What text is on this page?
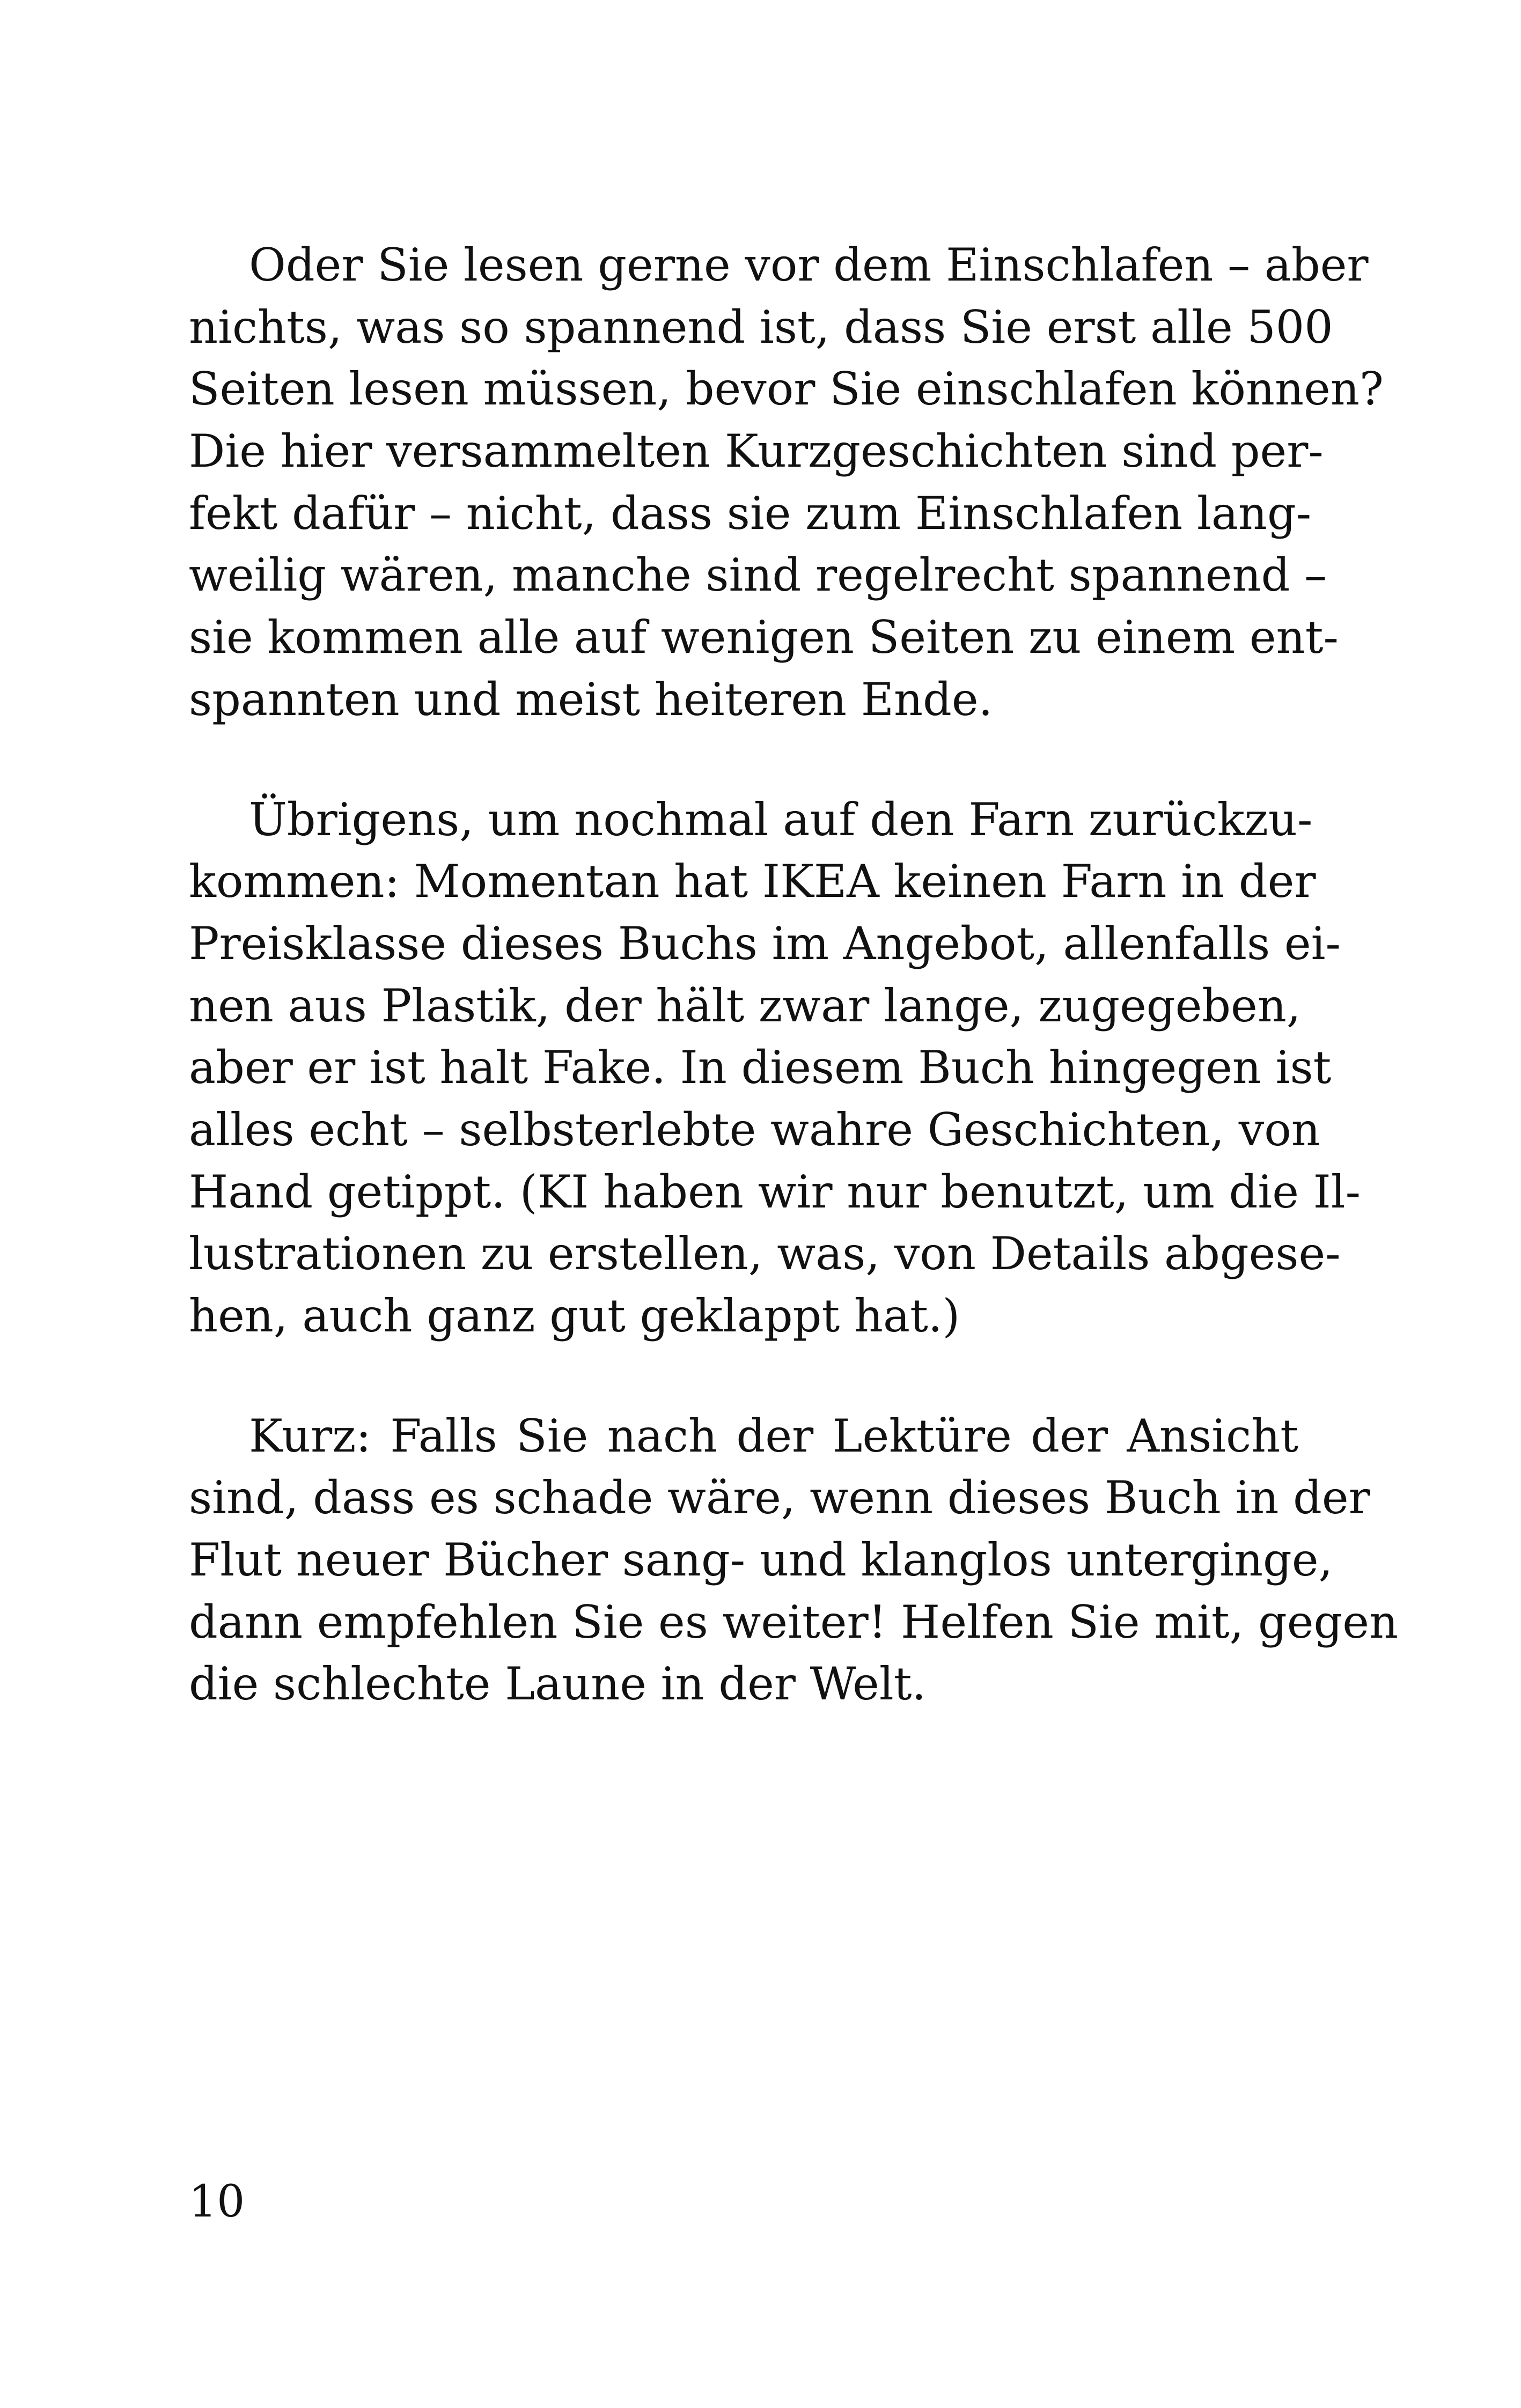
Oder Sie lesen gerne vor dem Einschlafen – aber
nichts, was so spannend ist, dass Sie erst alle 500
Seiten lesen müssen, bevor Sie einschlafen können?
Die hier versammelten Kurzgeschichten sind per-
fekt dafür – nicht, dass sie zum Einschlafen lang-
weilig wären, manche sind regelrecht spannend –
sie kommen alle auf wenigen Seiten zu einem ent-
spannten und meist heiteren Ende.
Übrigens, um nochmal auf den Farn zurückzu-
kommen: Momentan hat IKEA keinen Farn in der
Preisklasse dieses Buchs im Angebot, allenfalls ei-
nen aus Plastik, der hält zwar lange, zugegeben,
aber er ist halt Fake. In diesem Buch hingegen ist
alles echt – selbsterlebte wahre Geschichten, von
Hand getippt. (KI haben wir nur benutzt, um die Il-
lustrationen zu erstellen, was, von Details abgese-
hen, auch ganz gut geklappt hat.)
Kurz: Falls Sie nach der Lektüre der Ansicht
sind, dass es schade wäre, wenn dieses Buch in der
Flut neuer Bücher sang- und klanglos unterginge,
dann empfehlen Sie es weiter! Helfen Sie mit, gegen
die schlechte Laune in der Welt.
10
